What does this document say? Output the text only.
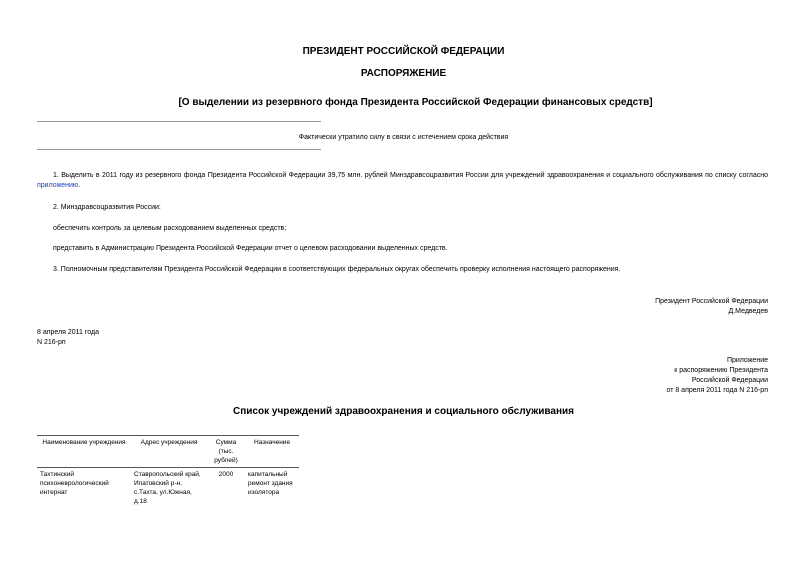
ПРЕЗИДЕНТ РОССИЙСКОЙ ФЕДЕРАЦИИ
РАСПОРЯЖЕНИЕ
[О выделении из резервного фонда Президента Российской Федерации финансовых средств]
Фактически утратило силу в связи с истечением срока действия
1. Выделить в 2011 году из резервного фонда Президента Российской Федерации 39,75 млн. рублей Минздравсоцразвития России для учреждений здравоохранения и социального обслуживания по списку согласно приложению.
2. Минздравсоцразвития России:
обеспечить контроль за целевым расходованием выделенных средств;
представить в Администрацию Президента Российской Федерации отчет о целевом расходовании выделенных средств.
3. Полномочным представителям Президента Российской Федерации в соответствующих федеральных округах обеспечить проверку исполнения настоящего распоряжения.
Президент Российской Федерации
Д.Медведев
8 апреля 2011 года
N 216-рп
Приложение
к распоряжению Президента
Российской Федерации
от 8 апреля 2011 года N 216-рп
Список учреждений здравоохранения и социального обслуживания
Наименование учреждения	Адрес учреждения	Сумма (тыс. рублей)	Назначение
Тахтинский психоневрологический интернат	Ставропольский край, Ипатовский р-н, с.Тахта, ул.Южная, д.18	2000	капитальный ремонт здания изолятора
